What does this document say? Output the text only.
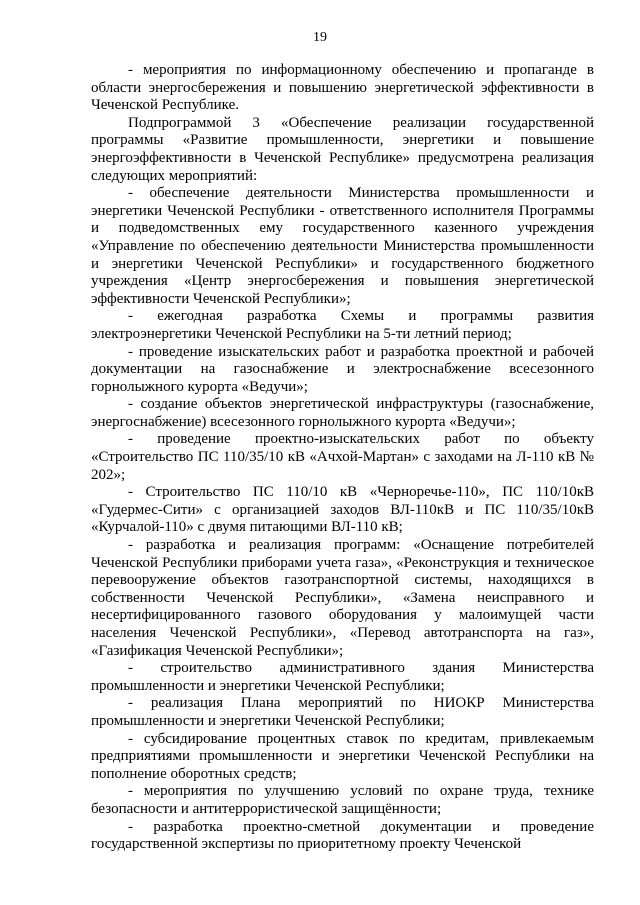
19

- мероприятия по информационному обеспечению и пропаганде в области энергосбережения и повышению энергетической эффективности в Чеченской Республике.

Подпрограммой 3 «Обеспечение реализации государственной программы «Развитие промышленности, энергетики и повышение энергоэффективности в Чеченской Республике» предусмотрена реализация следующих мероприятий:

- обеспечение деятельности Министерства промышленности и энергетики Чеченской Республики - ответственного исполнителя Программы и подведомственных ему государственного казенного учреждения «Управление по обеспечению деятельности Министерства промышленности и энергетики Чеченской Республики» и государственного бюджетного учреждения «Центр энергосбережения и повышения энергетической эффективности Чеченской Республики»;

- ежегодная разработка Схемы и программы развития электроэнергетики Чеченской Республики на 5-ти летний период;

- проведение изыскательских работ и разработка проектной и рабочей документации на газоснабжение и электроснабжение всесезонного горнолыжного курорта «Ведучи»;

- создание объектов энергетической инфраструктуры (газоснабжение, энергоснабжение) всесезонного горнолыжного курорта «Ведучи»;

- проведение проектно-изыскательских работ по объекту «Строительство ПС 110/35/10 кВ «Ачхой-Мартан» с заходами на Л-110 кВ № 202»;

- Строительство ПС 110/10 кВ «Черноречье-110», ПС 110/10кВ «Гудермес-Сити» с организацией заходов ВЛ-110кВ и ПС 110/35/10кВ «Курчалой-110» с двумя питающими ВЛ-110 кВ;

- разработка и реализация программ: «Оснащение потребителей Чеченской Республики приборами учета газа», «Реконструкция и техническое перевооружение объектов газотранспортной системы, находящихся в собственности Чеченской Республики», «Замена неисправного и несертифицированного газового оборудования у малоимущей части населения Чеченской Республики», «Перевод автотранспорта на газ», «Газификация Чеченской Республики»;

- строительство административного здания Министерства промышленности и энергетики Чеченской Республики;

- реализация Плана мероприятий по НИОКР Министерства промышленности и энергетики Чеченской Республики;

- субсидирование процентных ставок по кредитам, привлекаемым предприятиями промышленности и энергетики Чеченской Республики на пополнение оборотных средств;

- мероприятия по улучшению условий по охране труда, технике безопасности и антитеррористической защищённости;

- разработка проектно-сметной документации и проведение государственной экспертизы по приоритетному проекту Чеченской
